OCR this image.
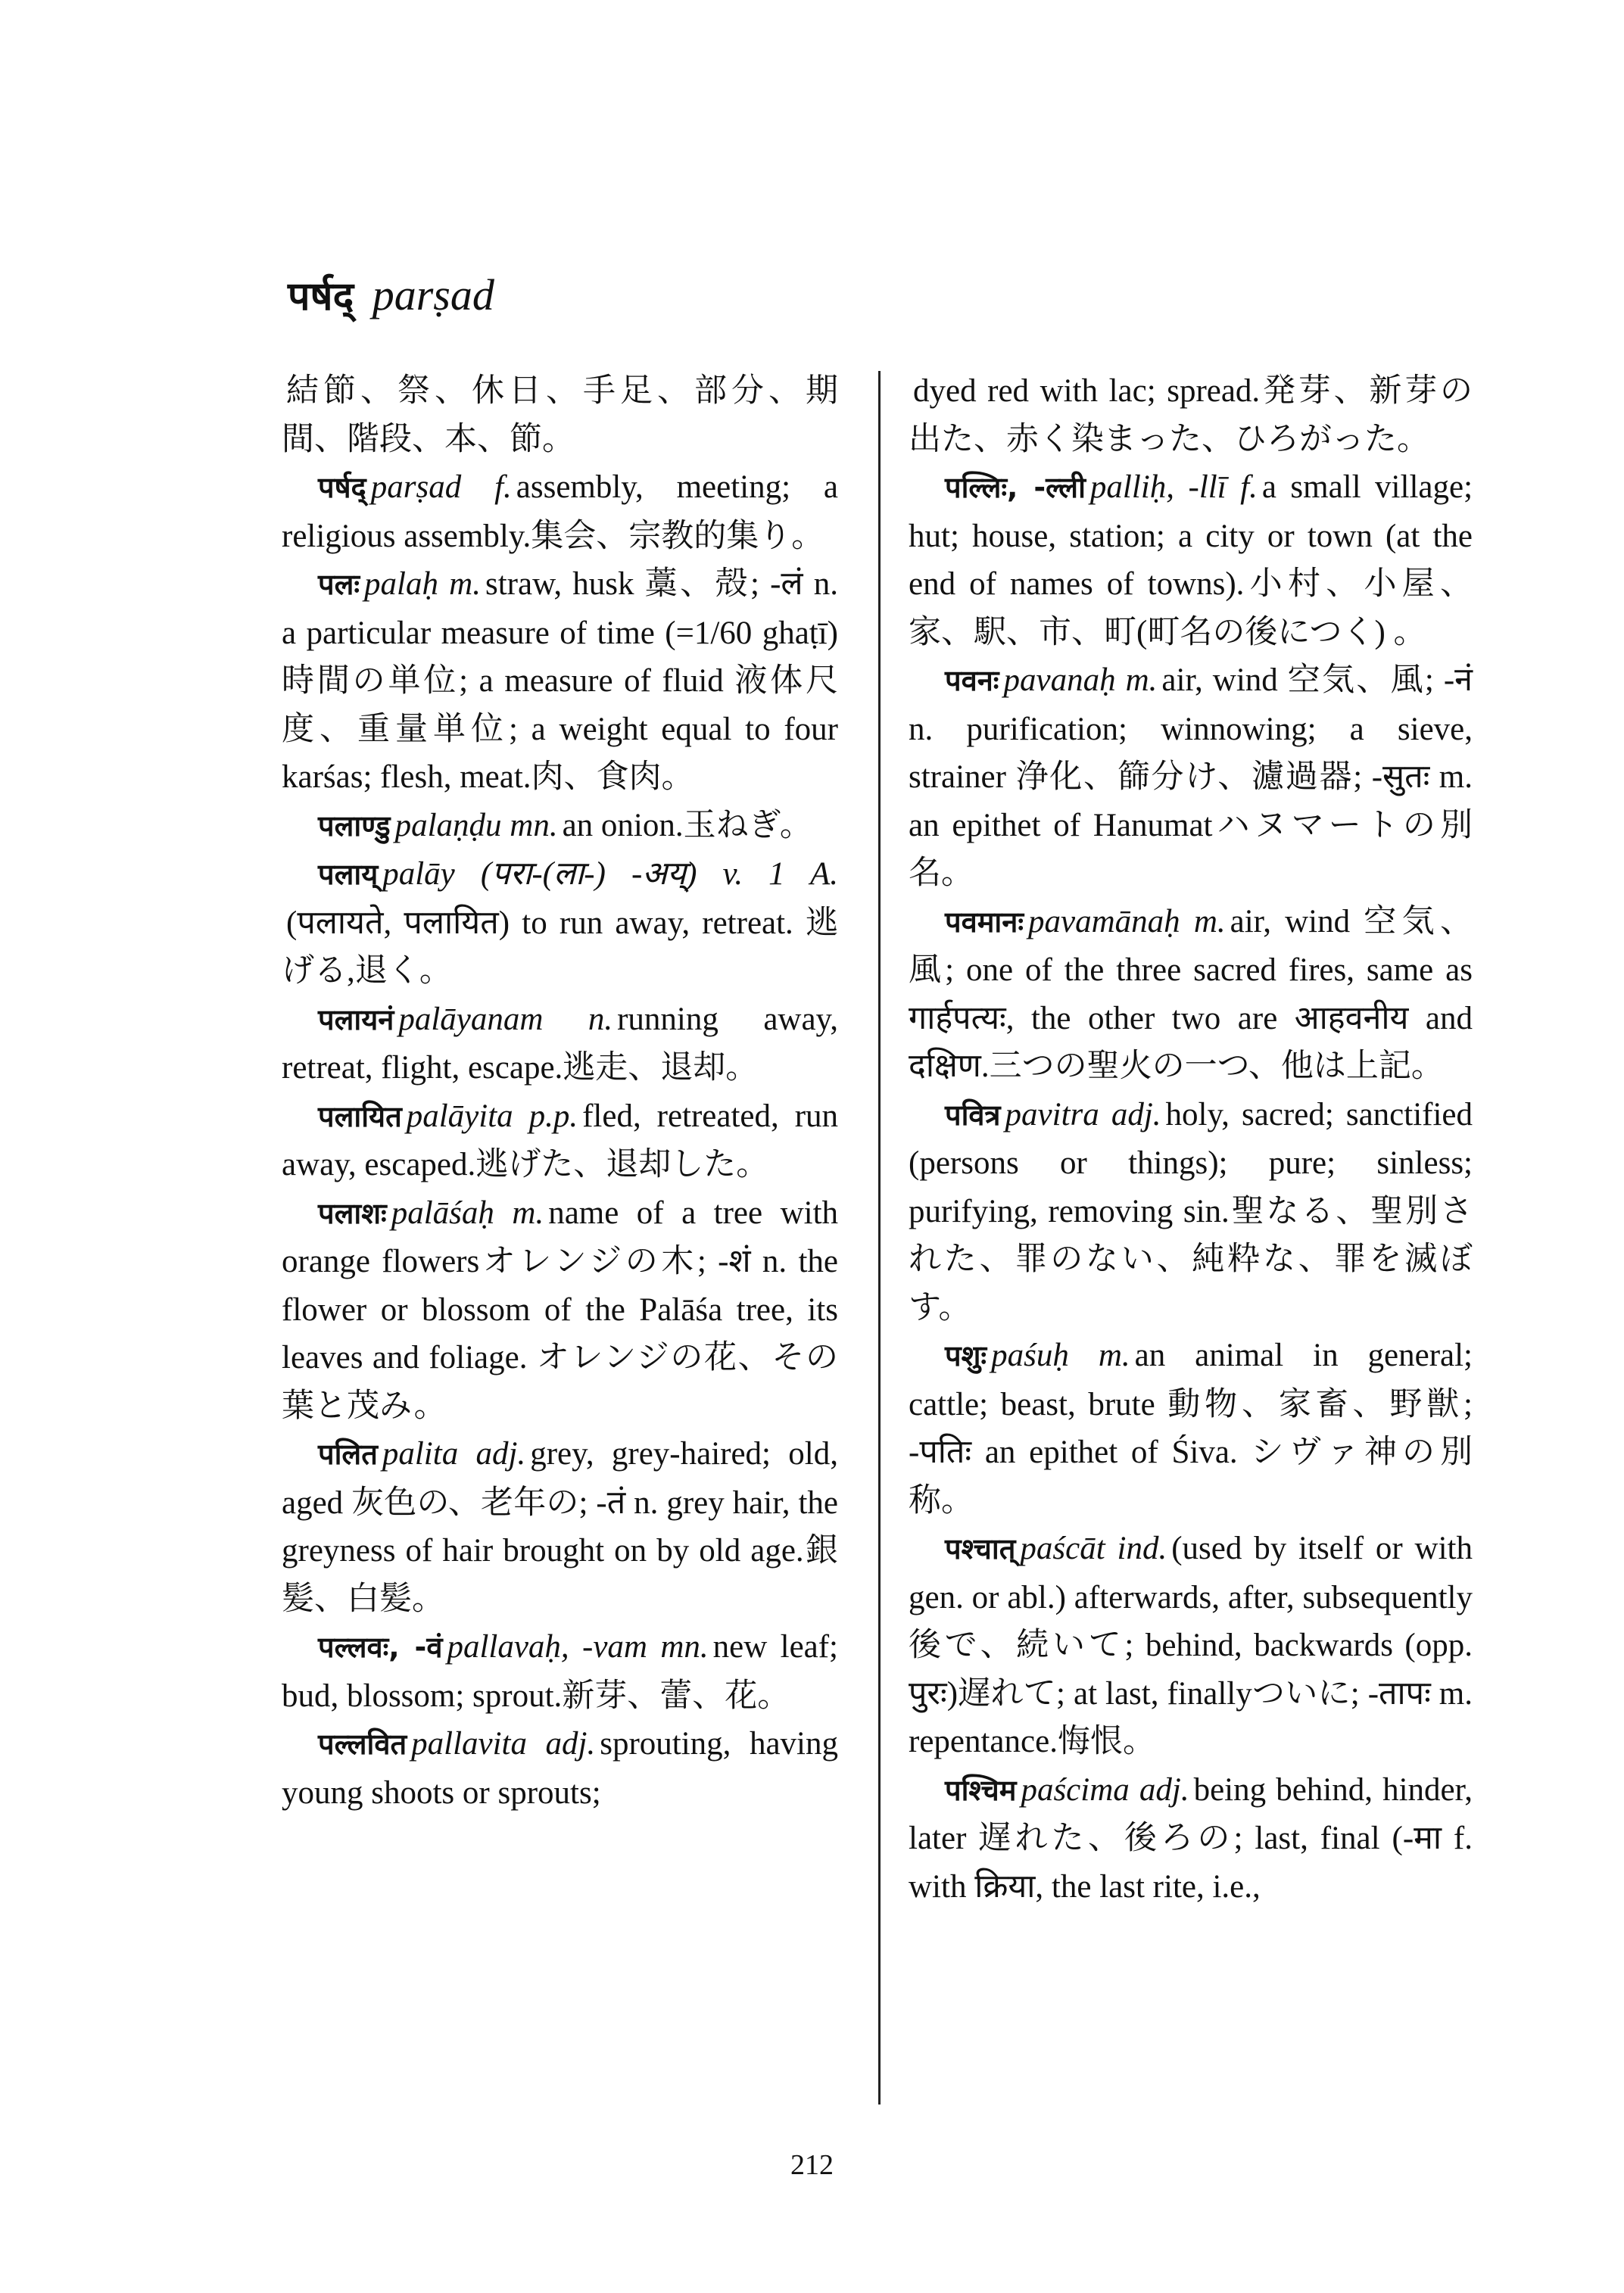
पर्षद् parṣad

結節、祭、休日、手足、部分、期間、階段、本、節。

पर्षद् parṣad f. assembly, meeting; a religious assembly.集会、宗教的集り。

पलः palaḥ m. straw, husk 藁、殻; -लं n. a particular measure of time (=1/60 ghaṭī)時間の単位; a measure of fluid 液体尺度、重量単位; a weight equal to four karśas; flesh, meat.肉、食肉。

पलाण्डु palaṇḍu mn. an onion.玉ねぎ。

पलाय् palāy (परा-(ला-) -अय्) v. 1 A.(पलायते, पलायित) to run away, retreat. 逃げる,退く。

पलायनं palāyanam n. running away, retreat, flight, escape.逃走、退却。

पलायित palāyita p.p. fled, retreated, run away, escaped.逃げた、退却した。

पलाशः palāśaḥ m. name of a tree with orange flowersオレンジの木; -शं n. the flower or blossom of the Palāśa tree, its leaves and foliage. オレンジの花、その葉と茂み。

पलित palita adj. grey, grey-haired; old, aged 灰色の、老年の; -तं n. grey hair, the greyness of hair brought on by old age.銀髪、白髪。

पल्लवः, -वं pallavaḥ, -vam mn. new leaf; bud, blossom; sprout.新芽、蕾、花。

पल्लवित pallavita adj. sprouting, having young shoots or sprouts;

dyed red with lac; spread.発芽、新芽の出た、赤く染まった、ひろがった。

पल्लिः, -ल्ली palliḥ, -llī f. a small village; hut; house, station; a city or town (at the end of names of towns).小村、小屋、家、駅、市、町(町名の後につく) 。

पवनः pavanaḥ m. air, wind 空気、風; -नं n. purification; winnowing; a sieve, strainer 浄化、篩分け、濾過器; -सुतः m. an epithet of Hanumatハヌマートの別名。

पवमानः pavamānaḥ m. air, wind 空気、風; one of the three sacred fires, same as गार्हपत्यः, the other two are आहवनीय and दक्षिण.三つの聖火の一つ、他は上記。

पवित्र pavitra adj. holy, sacred; sanctified (persons or things); pure; sinless; purifying, removing sin.聖なる、聖別された、罪のない、純粋な、罪を滅ぼす。

पशुः paśuḥ m. an animal in general; cattle; beast, brute 動物、家畜、野獣; -पतिः an epithet of Śiva. シヴァ神の別称。

पश्चात् paścāt ind. (used by itself or with gen. or abl.) afterwards, after, subsequently後で、続いて; behind, backwards (opp. पुरः)遅れて; at last, finallyついに; -तापः m. repentance.悔恨。

पश्चिम paścima adj. being behind, hinder, later 遅れた、後ろの; last, final (-मा f. with क्रिया, the last rite, i.e.,

212
